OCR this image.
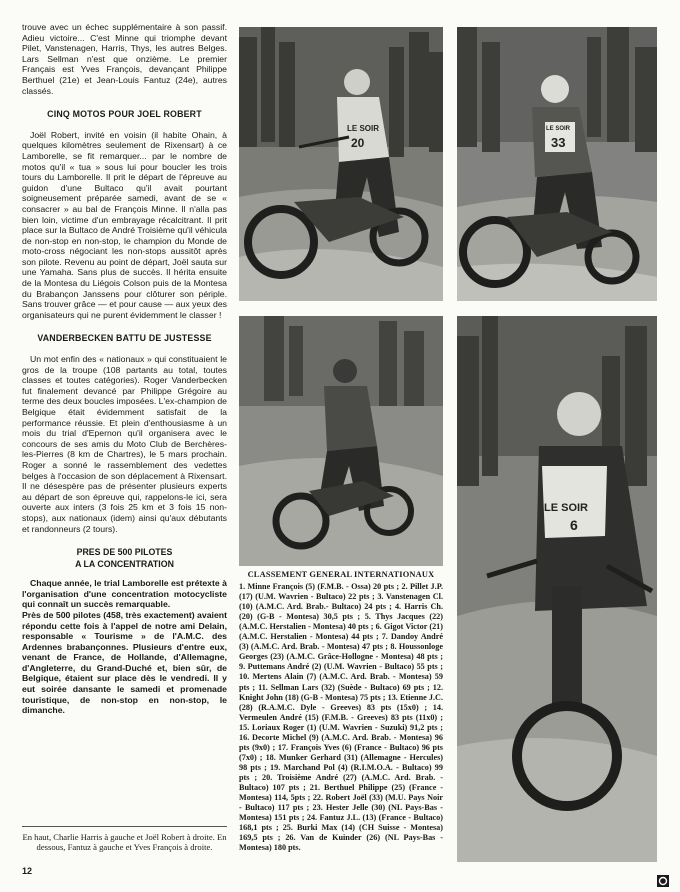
trouve avec un échec supplémentaire à son passif. Adieu victoire... C'est Minne qui triomphe devant Pilet, Vanstenagen, Harris, Thys, les autres Belges. Lars Sellman n'est que onzième. Le premier Français est Yves François, devançant Philippe Berthuel (21e) et Jean-Louis Fantuz (24e), autres classés.

CINQ MOTOS POUR JOEL ROBERT

Joël Robert, invité en voisin (il habite Ohain, à quelques kilomètres seulement de Rixensart) à ce Lamborelle, se fit remarquer... par le nombre de motos qu'il « tua » sous lui pour boucler les trois tours du Lamborelle. Il prit le départ de l'épreuve au guidon d'une Bultaco qu'il avait pourtant soigneusement préparée samedi, avant de se « consacrer » au bal de François Minne. Il n'alla pas bien loin, victime d'un embrayage récalcitrant. Il prit place sur la Bultaco de André Troisième qu'il véhicula de non-stop en non-stop, le champion du Monde de moto-cross négociant les non-stops aussitôt après son pilote. Revenu au point de départ, Joël sauta sur une Yamaha. Sans plus de succès. Il hérita ensuite de la Montesa du Liégois Colson puis de la Montesa du Brabançon Janssens pour clôturer son périple. Sans trouver grâce — et pour cause — aux yeux des organisateurs qui ne purent évidemment le classer !

VANDERBECKEN BATTU DE JUSTESSE

Un mot enfin des « nationaux » qui constituaient le gros de la troupe (108 partants au total, toutes classes et toutes catégories). Roger Vanderbecken fut finalement devancé par Philippe Grégoire au terme des deux boucles imposées. L'ex-champion de Belgique était évidemment satisfait de la performance réussie. Et plein d'enthousiasme à un mois du trial d'Epernon qu'il organisera avec le concours de ses amis du Moto Club de Berchères-les-Pierres (8 km de Chartres), le 5 mars prochain. Roger a sonné le rassemblement des vedettes belges à l'occasion de son déplacement à Rixensart. Il ne désespère pas de présenter plusieurs experts au départ de son épreuve qui, rappelons-le ici, sera ouverte aux inters (3 fois 25 km et 3 fois 15 non-stops), aux nationaux (idem) ainsi qu'aux débutants et randonneurs (2 tours).

PRES DE 500 PILOTES
A LA CONCENTRATION

Chaque année, le trial Lamborelle est prétexte à l'organisation d'une concentration motocycliste qui connaît un succès remarquable.

Près de 500 pilotes (458, très exactement) avaient répondu cette fois à l'appel de notre ami Delain, responsable « Tourisme » de l'A.M.C. des Ardennes brabançonnes. Plusieurs d'entre eux, venant de France, de Hollande, d'Allemagne, d'Angleterre, du Grand-Duché et, bien sûr, de Belgique, étaient sur place dès le vendredi. Il y eut soirée dansante le samedi et promenade touristique, de non-stop en non-stop, le dimanche.

En haut, Charlie Harris à gauche et Joël Robert à droite. En dessous, Fantuz à gauche et Yves François à droite.
12
LE SOIR
20
LE SOIR
33
LE SOIR
6
CLASSEMENT GENERAL INTERNATIONAUX
1. Minne François (5) (F.M.B. - Ossa) 20 pts ; 2. Pillet J.P. (17) (U.M. Wavrien - Bultaco) 22 pts ; 3. Vanstenagen Cl. (10) (A.M.C. Ard. Brab.- Bultaco) 24 pts ; 4. Harris Ch. (20) (G-B - Montesa) 30,5 pts ; 5. Thys Jacques (22) (A.M.C. Herstalien - Montesa) 40 pts ; 6. Gigot Victor (21) (A.M.C. Herstalien - Montesa) 44 pts ; 7. Dandoy André (3) (A.M.C. Ard. Brab. - Montesa) 47 pts ; 8. Houssonloge Georges (23) (A.M.C. Grâce-Hollogne - Montesa) 48 pts ; 9. Puttemans André (2) (U.M. Wavrien - Bultaco) 55 pts ; 10. Mertens Alain (7) (A.M.C. Ard. Brab. - Montesa) 59 pts ; 11. Sellman Lars (32) (Suède - Bultaco) 69 pts ; 12. Knight John (18) (G-B - Montesa) 75 pts ; 13. Etienne J.C. (28) (R.A.M.C. Dyle - Greeves) 83 pts (15x0) ; 14. Vermeulen André (15) (F.M.B. - Greeves) 83 pts (11x0) ; 15. Loriaux Roger (1) (U.M. Wavrien - Suzuki) 91,2 pts ; 16. Decorte Michel (9) (A.M.C. Ard. Brab. - Montesa) 96 pts (9x0) ; 17. François Yves (6) (France - Bultaco) 96 pts (7x0) ; 18. Munker Gerhard (31) (Allemagne - Hercules) 98 pts ; 19. Marchand Pol (4) (R.I.M.O.A. - Bultaco) 99 pts ; 20. Troisième André (27) (A.M.C. Ard. Brab. - Bultaco) 107 pts ; 21. Berthuel Philippe (25) (France - Montesa) 114, 5pts ; 22. Robert Joël (33) (M.U. Pays Noir - Bultaco) 117 pts ; 23. Hester Jelle (30) (NL Pays-Bas - Montesa) 151 pts ; 24. Fantuz J.L. (13) (France - Bultaco) 168,1 pts ; 25. Burki Max (14) (CH Suisse - Montesa) 169,5 pts ; 26. Van de Kuinder (26) (NL Pays-Bas - Montesa) 180 pts.
